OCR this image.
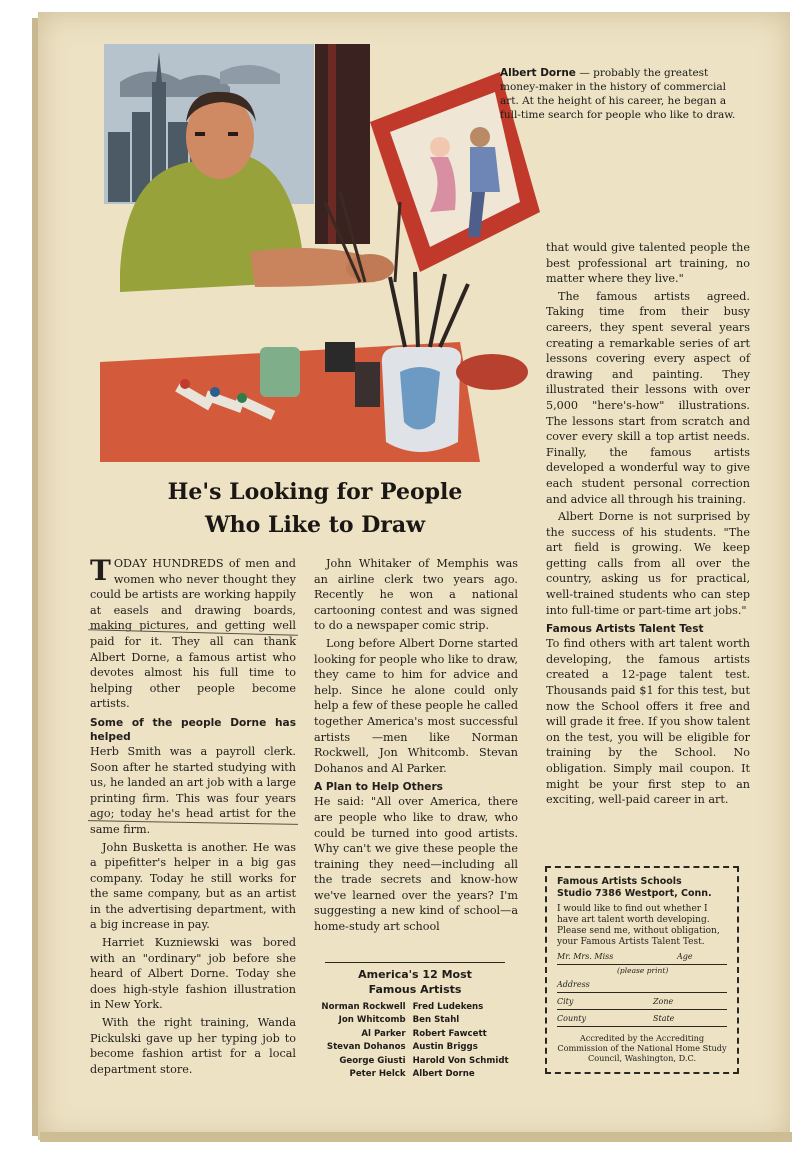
Albert Dorne — probably the greatest money-maker in the history of commercial art. At the height of his career, he began a full-time search for people who like to draw.
He's Looking for People
Who Like to Draw

TODAY HUNDREDS of men and women who never thought they could be artists are working happily at easels and drawing boards, making pictures, and getting well paid for it. They all can thank Albert Dorne, a famous artist who devotes almost his full time to helping other people become artists.

Some of the people Dorne has helped

Herb Smith was a payroll clerk. Soon after he started studying with us, he landed an art job with a large printing firm. This was four years ago; today he's head artist for the same firm.

John Busketta is another. He was a pipefitter's helper in a big gas company. Today he still works for the same company, but as an artist in the advertising department, with a big increase in pay.

Harriet Kuzniewski was bored with an "ordinary" job before she heard of Albert Dorne. Today she does high-style fashion illustration in New York.

With the right training, Wanda Pickulski gave up her typing job to become fashion artist for a local department store.

John Whitaker of Memphis was an airline clerk two years ago. Recently he won a national cartooning contest and was signed to do a newspaper comic strip.

Long before Albert Dorne started looking for people who like to draw, they came to him for advice and help. Since he alone could only help a few of these people he called together America's most successful artists —men like Norman Rockwell, Jon Whitcomb. Stevan Dohanos and Al Parker.

A Plan to Help Others

He said: "All over America, there are people who like to draw, who could be turned into good artists. Why can't we give these people the training they need—including all the trade secrets and know-how we've learned over the years? I'm suggesting a new kind of school—a home-study art school

that would give talented people the best professional art training, no matter where they live."

The famous artists agreed. Taking time from their busy careers, they spent several years creating a remarkable series of art lessons covering every aspect of drawing and painting. They illustrated their lessons with over 5,000 "here's-how" illustrations. The lessons start from scratch and cover every skill a top artist needs. Finally, the famous artists developed a wonderful way to give each student personal correction and advice all through his training.

Albert Dorne is not surprised by the success of his students. "The art field is growing. We keep getting calls from all over the country, asking us for practical, well-trained students who can step into full-time or part-time art jobs."

Famous Artists Talent Test

To find others with art talent worth developing, the famous artists created a 12-page talent test. Thousands paid $1 for this test, but now the School offers it free and will grade it free. If you show talent on the test, you will be eligible for training by the School. No obligation. Simply mail coupon. It might be your first step to an exciting, well-paid career in art.

America's 12 Most
Famous Artists
Norman Rockwell	Fred Ludekens
Jon Whitcomb	Ben Stahl
Al Parker	Robert Fawcett
Stevan Dohanos	Austin Briggs
George Giusti	Harold Von Schmidt
Peter Helck	Albert Dorne
Famous Artists Schools
Studio 7386 Westport, Conn.
I would like to find out whether I have art talent worth developing. Please send me, without obligation, your Famous Artists Talent Test.
Mr. Mrs. Miss	Age
(please print)
Address
City	Zone
County	State
Accredited by the Accrediting Commission of the National Home Study Council, Washington, D.C.
